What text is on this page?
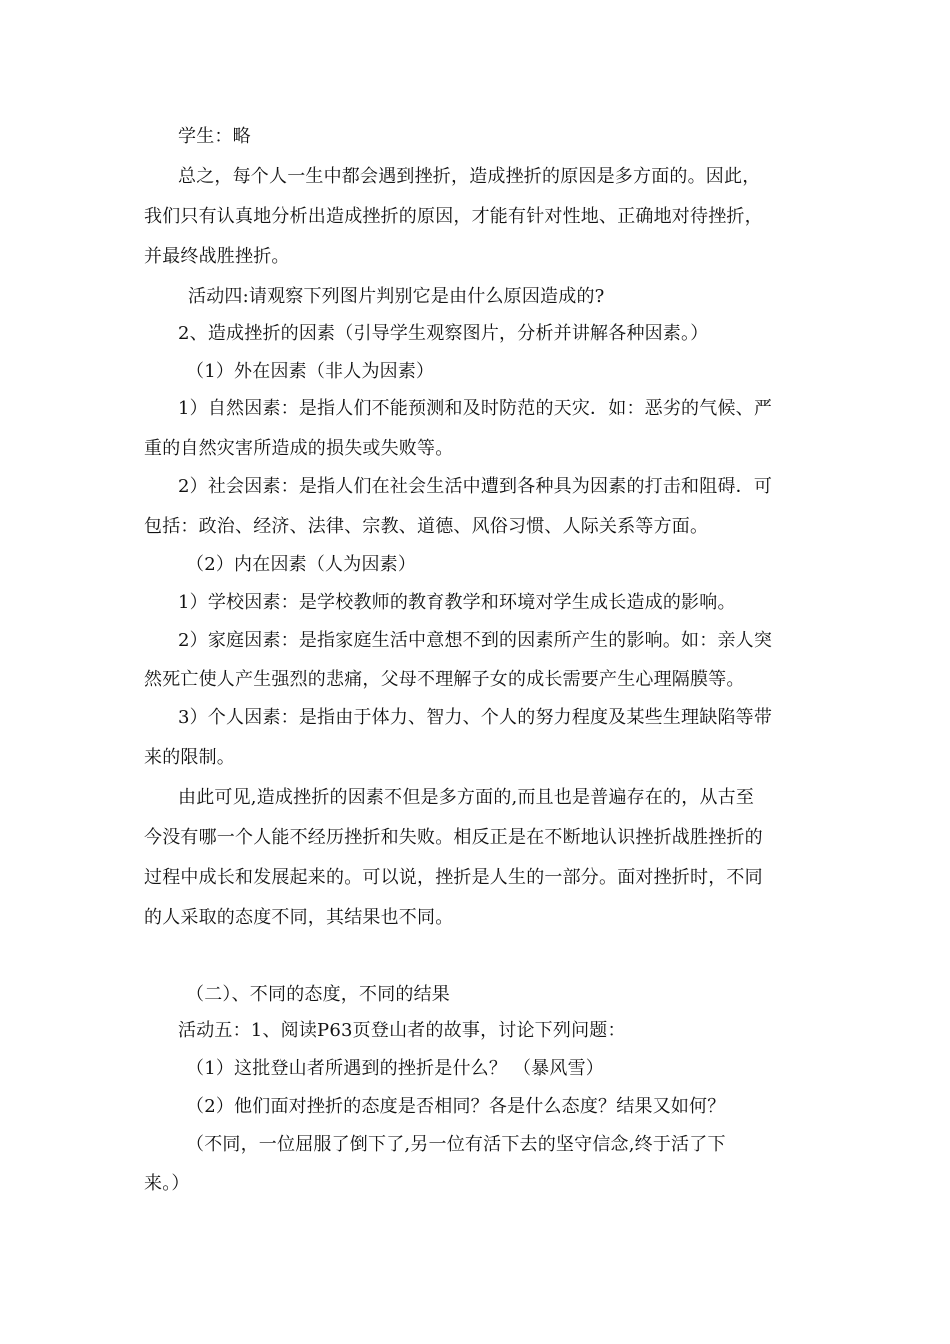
学生：略
总之，每个人一生中都会遇到挫折，造成挫折的原因是多方面的。因此，
我们只有认真地分析出造成挫折的原因，才能有针对性地、正确地对待挫折，
并最终战胜挫折。
活动四:请观察下列图片判别它是由什么原因造成的?
2、造成挫折的因素（引导学生观察图片，分析并讲解各种因素。）
（1）外在因素（非人为因素）
1）自然因素：是指人们不能预测和及时防范的天灾．如：恶劣的气候、严
重的自然灾害所造成的损失或失败等。
2）社会因素：是指人们在社会生活中遭到各种具为因素的打击和阻碍．可
包括：政治、经济、法律、宗教、道德、风俗习惯、人际关系等方面。
（2）内在因素（人为因素）
1）学校因素：是学校教师的教育教学和环境对学生成长造成的影响。
2）家庭因素：是指家庭生活中意想不到的因素所产生的影响。如：亲人突
然死亡使人产生强烈的悲痛，父母不理解子女的成长需要产生心理隔膜等。
3）个人因素：是指由于体力、智力、个人的努力程度及某些生理缺陷等带
来的限制。
由此可见,造成挫折的因素不但是多方面的,而且也是普遍存在的，从古至
今没有哪一个人能不经历挫折和失败。相反正是在不断地认识挫折战胜挫折的
过程中成长和发展起来的。可以说，挫折是人生的一部分。面对挫折时，不同
的人采取的态度不同，其结果也不同。
（二）、不同的态度，不同的结果
活动五：1、阅读P63页登山者的故事，讨论下列问题：
（1）这批登山者所遇到的挫折是什么？ （暴风雪）
（2）他们面对挫折的态度是否相同？各是什么态度？结果又如何？
（不同，一位屈服了倒下了,另一位有活下去的坚守信念,终于活了下
来。）
